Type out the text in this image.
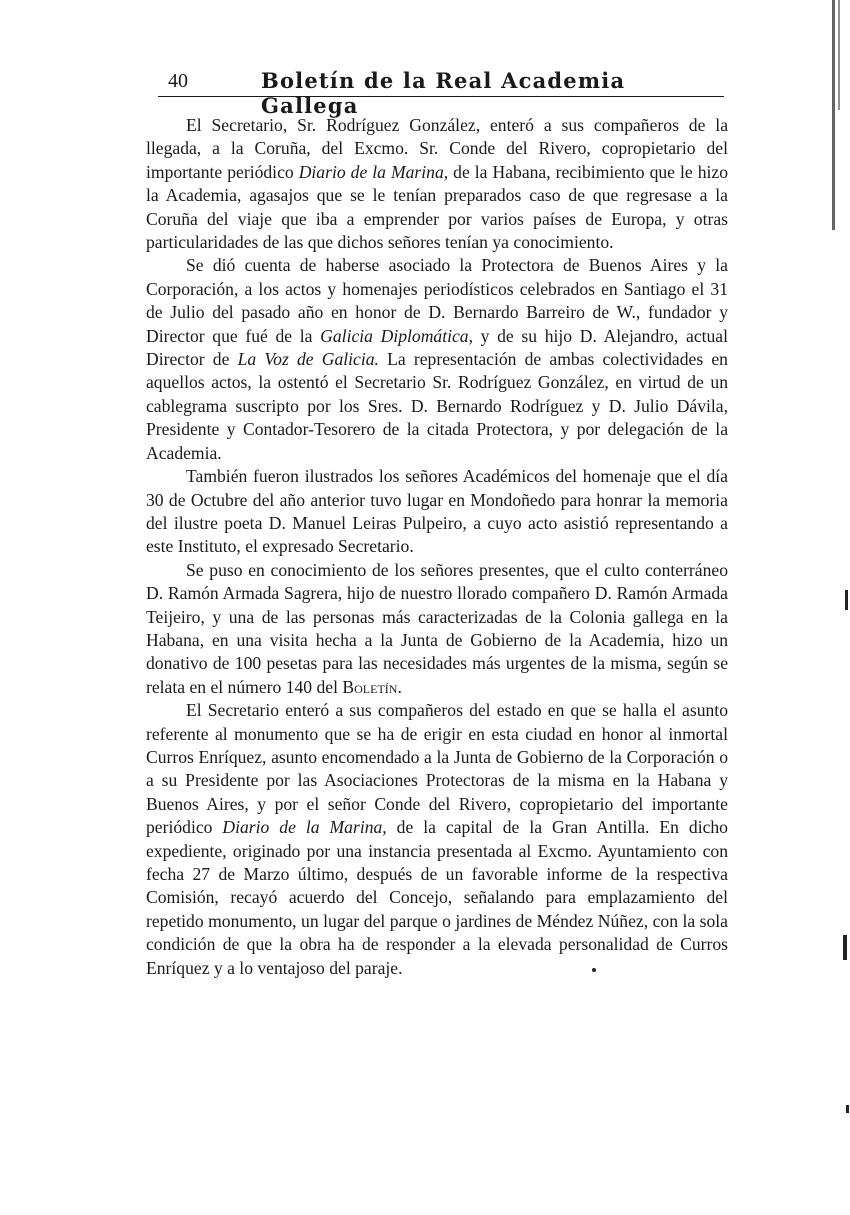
40	Boletín de la Real Academia Gallega

El Secretario, Sr. Rodríguez González, enteró a sus compañeros de la llegada, a la Coruña, del Excmo. Sr. Conde del Rivero, copropietario del importante periódico Diario de la Marina, de la Habana, recibimiento que le hizo la Academia, agasajos que se le tenían preparados caso de que regresase a la Coruña del viaje que iba a emprender por varios países de Europa, y otras particularidades de las que dichos señores tenían ya conocimiento.

Se dió cuenta de haberse asociado la Protectora de Buenos Aires y la Corporación, a los actos y homenajes periodísticos celebrados en Santiago el 31 de Julio del pasado año en honor de D. Bernardo Barreiro de W., fundador y Director que fué de la Galicia Diplomática, y de su hijo D. Alejandro, actual Director de La Voz de Galicia. La representación de ambas colectividades en aquellos actos, la ostentó el Secretario Sr. Rodríguez González, en virtud de un cablegrama suscripto por los Sres. D. Bernardo Rodríguez y D. Julio Dávila, Presidente y Contador-Tesorero de la citada Protectora, y por delegación de la Academia.

También fueron ilustrados los señores Académicos del homenaje que el día 30 de Octubre del año anterior tuvo lugar en Mondoñedo para honrar la memoria del ilustre poeta D. Manuel Leiras Pulpeiro, a cuyo acto asistió representando a este Instituto, el expresado Secretario.

Se puso en conocimiento de los señores presentes, que el culto conterráneo D. Ramón Armada Sagrera, hijo de nuestro llorado compañero D. Ramón Armada Teijeiro, y una de las personas más caracterizadas de la Colonia gallega en la Habana, en una visita hecha a la Junta de Gobierno de la Academia, hizo un donativo de 100 pesetas para las necesidades más urgentes de la misma, según se relata en el número 140 del Boletín.

El Secretario enteró a sus compañeros del estado en que se halla el asunto referente al monumento que se ha de erigir en esta ciudad en honor al inmortal Curros Enríquez, asunto encomendado a la Junta de Gobierno de la Corporación o a su Presidente por las Asociaciones Protectoras de la misma en la Habana y Buenos Aires, y por el señor Conde del Rivero, copropietario del importante periódico Diario de la Marina, de la capital de la Gran Antilla. En dicho expediente, originado por una instancia presentada al Excmo. Ayuntamiento con fecha 27 de Marzo último, después de un favorable informe de la respectiva Comisión, recayó acuerdo del Concejo, señalando para emplazamiento del repetido monumento, un lugar del parque o jardines de Méndez Núñez, con la sola condición de que la obra ha de responder a la elevada personalidad de Curros Enríquez y a lo ventajoso del paraje.
